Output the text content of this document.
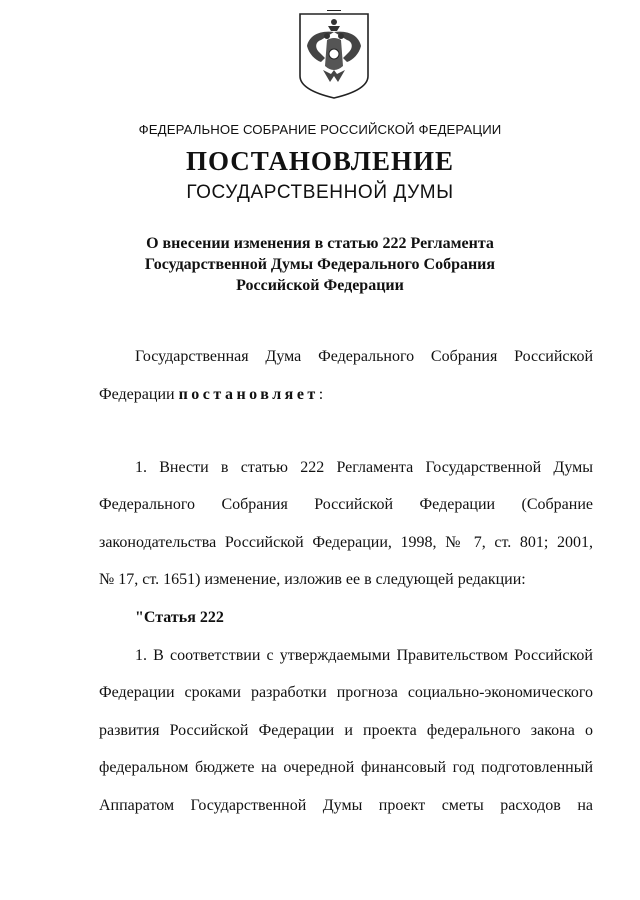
ФЕДЕРАЛЬНОЕ СОБРАНИЕ РОССИЙСКОЙ ФЕДЕРАЦИИ
ПОСТАНОВЛЕНИЕ
ГОСУДАРСТВЕННОЙ ДУМЫ
О внесении изменения в статью 222 Регламента
Государственной Думы Федерального Собрания
Российской Федерации
Государственная Дума Федерального Собрания Российской
Федерации постановляет:
1. Внести в статью 222 Регламента Государственной Думы
Федерального Собрания Российской Федерации (Собрание
законодательства Российской Федерации, 1998, № 7, ст. 801; 2001,
№ 17, ст. 1651) изменение, изложив ее в следующей редакции:
"Статья 222
1. В соответствии с утверждаемыми Правительством Российской
Федерации сроками разработки прогноза социально-экономического
развития Российской Федерации и проекта федерального закона о
федеральном бюджете на очередной финансовый год подготовленный
Аппаратом Государственной Думы проект сметы расходов на
